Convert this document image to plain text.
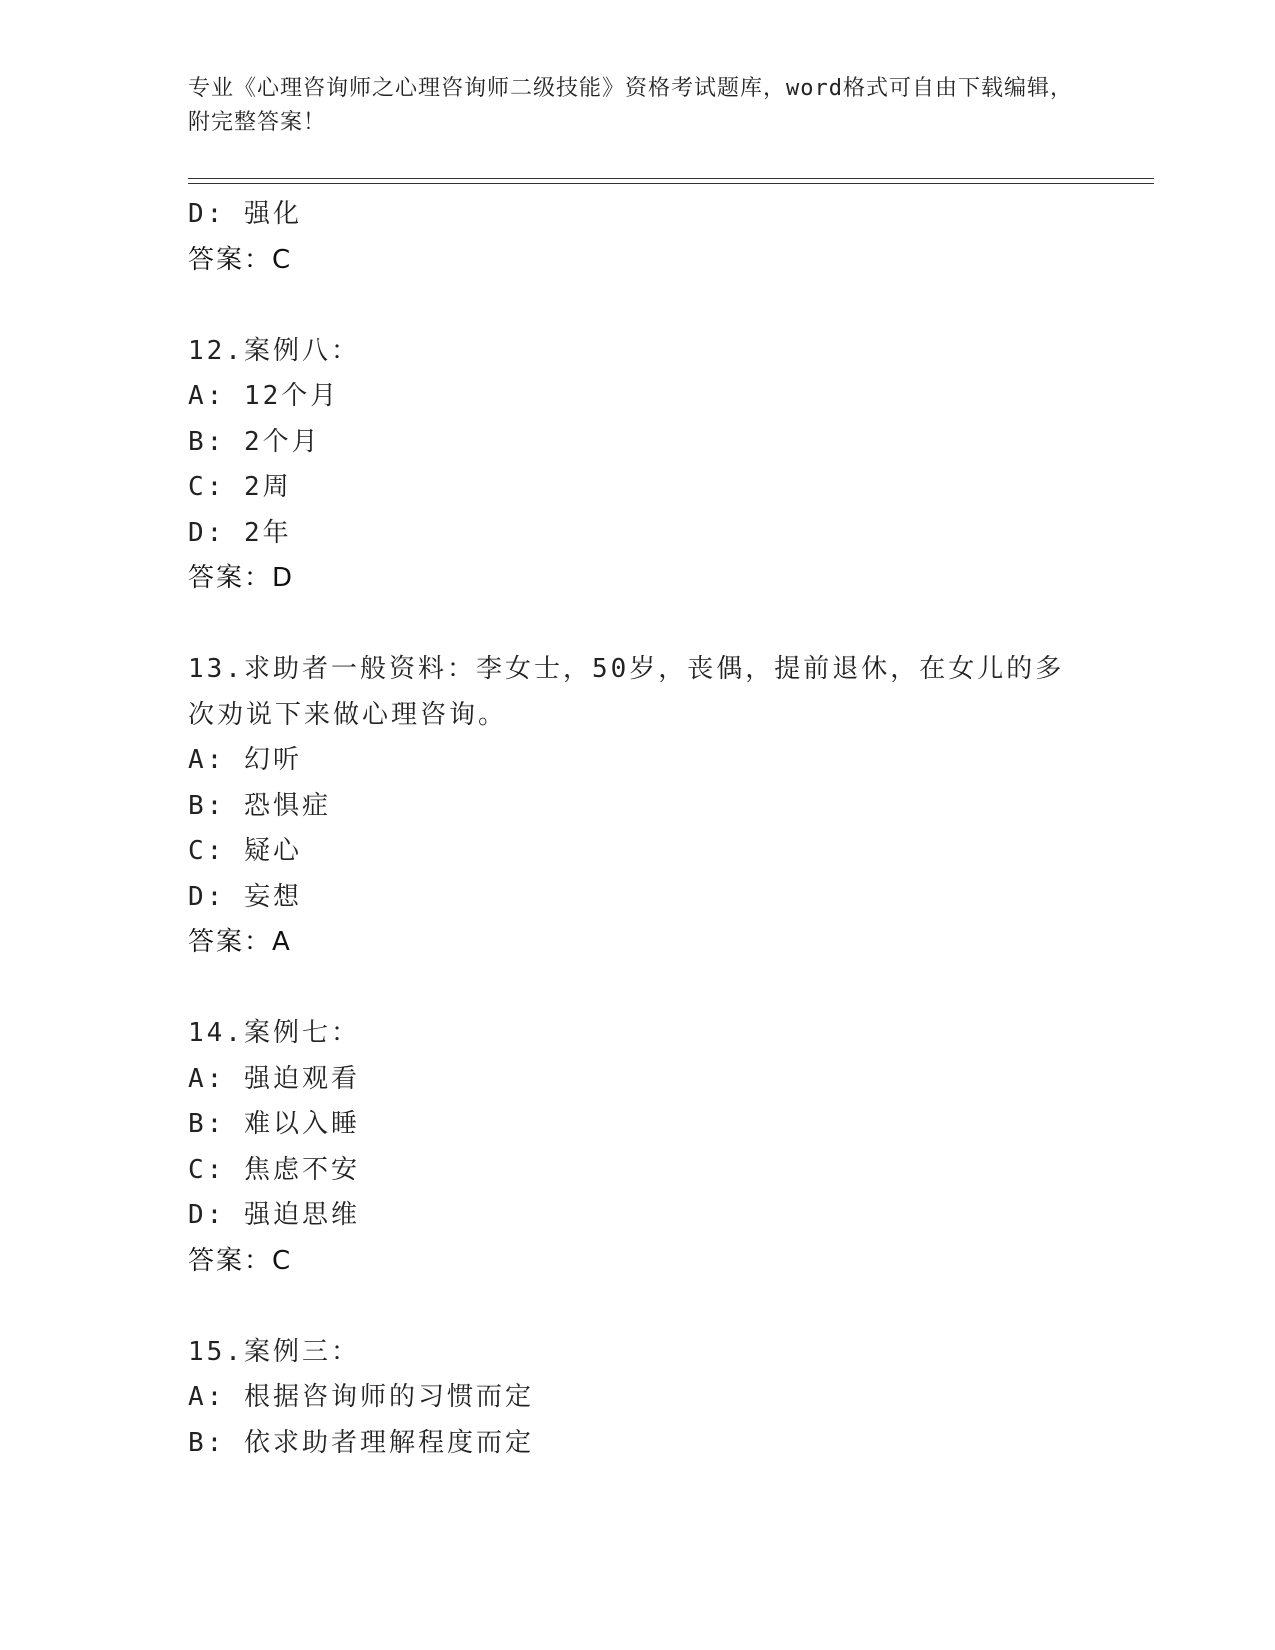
专业《心理咨询师之心理咨询师二级技能》资格考试题库，word格式可自由下载编辑，附完整答案！
D: 强化
答案：C
12.案例八：
A: 12个月
B: 2个月
C: 2周
D: 2年
答案：D
13.求助者一般资料：李女士，50岁，丧偶，提前退休，在女儿的多次劝说下来做心理咨询。
A: 幻听
B: 恐惧症
C: 疑心
D: 妄想
答案：A
14.案例七：
A: 强迫观看
B: 难以入睡
C: 焦虑不安
D: 强迫思维
答案：C
15.案例三：
A: 根据咨询师的习惯而定
B: 依求助者理解程度而定
